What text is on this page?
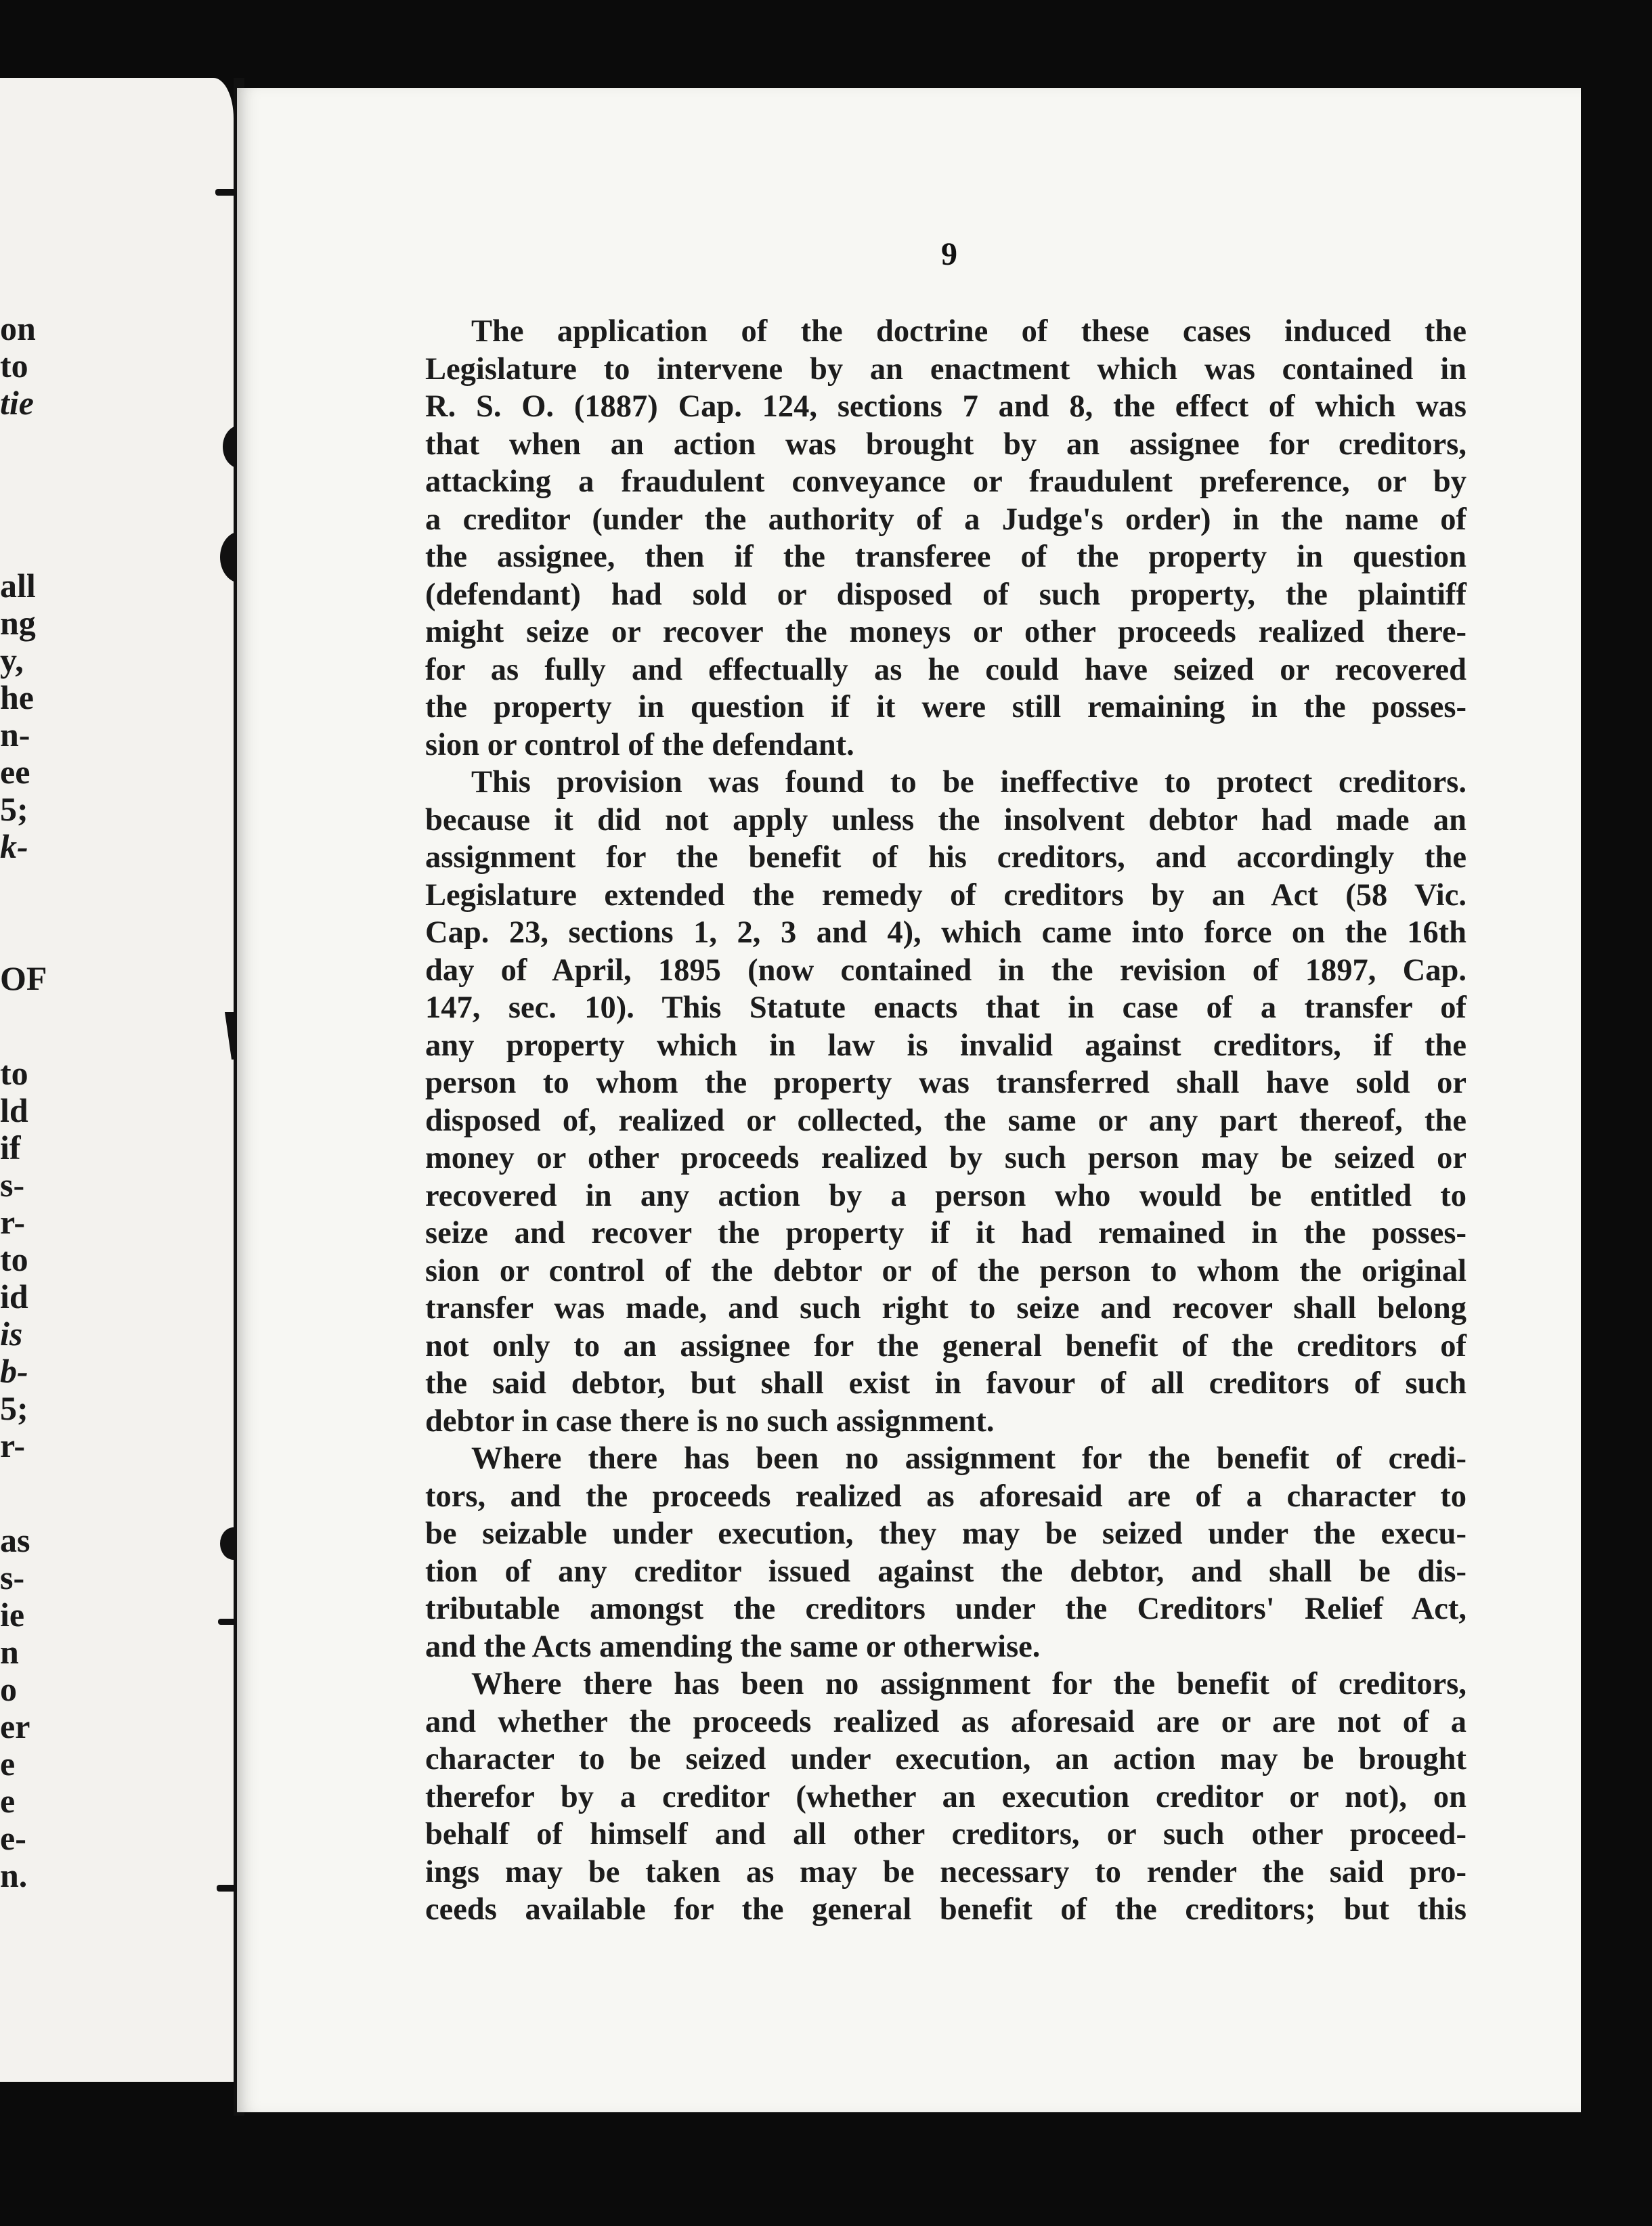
on
to
tie
all
ng
y,
he
n-
ee
5;
k-
OF
to
ld
if
s-
r-
to
id
is
b-
5;
r-
as
s-
ie
n
o
er
e
e
e-
n.
9

The application of the doctrine of these cases induced the
Legislature to intervene by an enactment which was contained in
R. S. O. (1887) Cap. 124, sections 7 and 8, the effect of which was
that when an action was brought by an assignee for creditors,
attacking a fraudulent conveyance or fraudulent preference, or by
a creditor (under the authority of a Judge's order) in the name of
the assignee, then if the transferee of the property in question
(defendant) had sold or disposed of such property, the plaintiff
might seize or recover the moneys or other proceeds realized there-
for as fully and effectually as he could have seized or recovered
the property in question if it were still remaining in the posses-
sion or control of the defendant.

This provision was found to be ineffective to protect creditors.
because it did not apply unless the insolvent debtor had made an
assignment for the benefit of his creditors, and accordingly the
Legislature extended the remedy of creditors by an Act (58 Vic.
Cap. 23, sections 1, 2, 3 and 4), which came into force on the 16th
day of April, 1895 (now contained in the revision of 1897, Cap.
147, sec. 10). This Statute enacts that in case of a transfer of
any property which in law is invalid against creditors, if the
person to whom the property was transferred shall have sold or
disposed of, realized or collected, the same or any part thereof, the
money or other proceeds realized by such person may be seized or
recovered in any action by a person who would be entitled to
seize and recover the property if it had remained in the posses-
sion or control of the debtor or of the person to whom the original
transfer was made, and such right to seize and recover shall belong
not only to an assignee for the general benefit of the creditors of
the said debtor, but shall exist in favour of all creditors of such
debtor in case there is no such assignment.

Where there has been no assignment for the benefit of credi-
tors, and the proceeds realized as aforesaid are of a character to
be seizable under execution, they may be seized under the execu-
tion of any creditor issued against the debtor, and shall be dis-
tributable amongst the creditors under the Creditors' Relief Act,
and the Acts amending the same or otherwise.

Where there has been no assignment for the benefit of creditors,
and whether the proceeds realized as aforesaid are or are not of a
character to be seized under execution, an action may be brought
therefor by a creditor (whether an execution creditor or not), on
behalf of himself and all other creditors, or such other proceed-
ings may be taken as may be necessary to render the said pro-
ceeds available for the general benefit of the creditors; but this
